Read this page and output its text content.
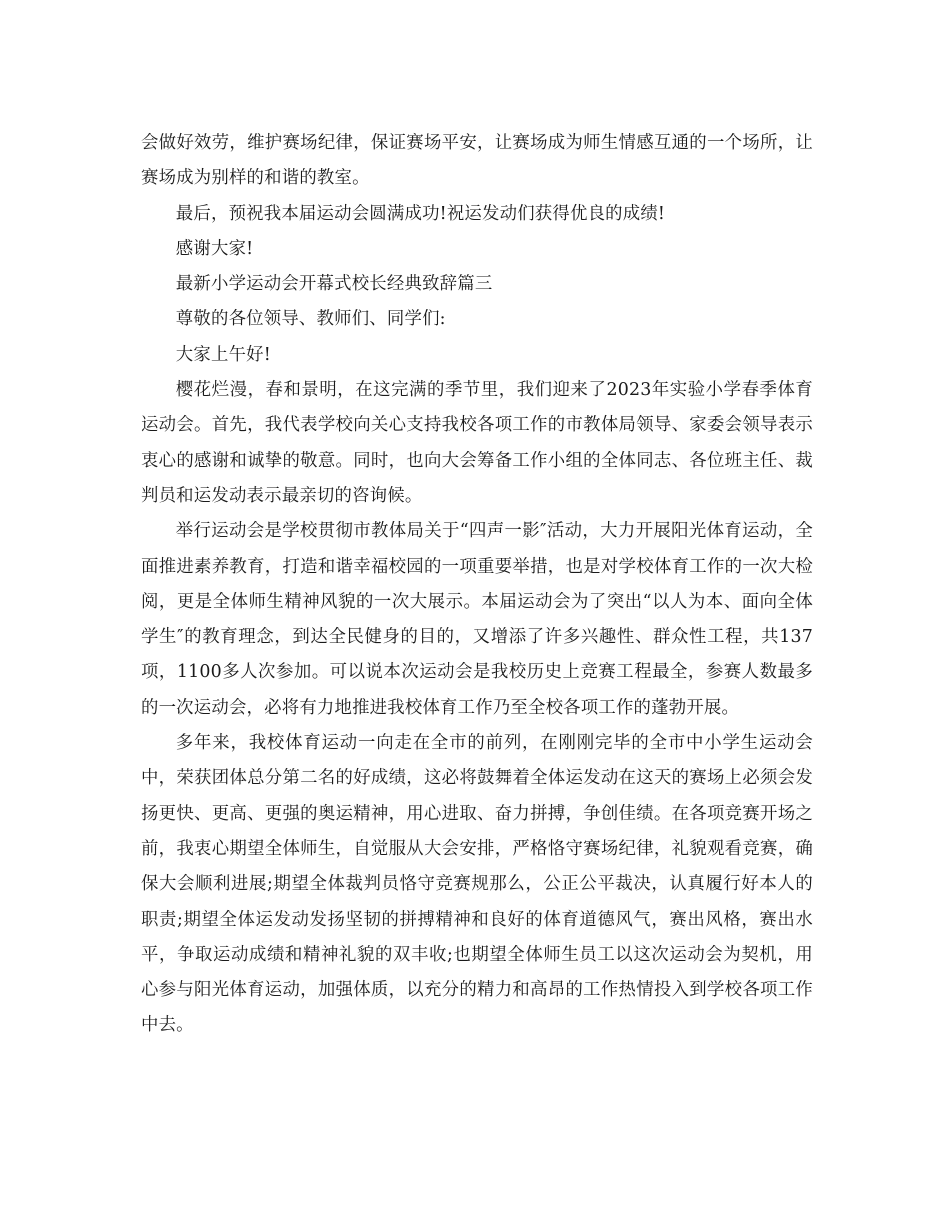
会做好效劳，维护赛场纪律，保证赛场平安，让赛场成为师生情感互通的一个场所，让赛场成为别样的和谐的教室。

最后，预祝我本届运动会圆满成功!祝运发动们获得优良的成绩!

感谢大家!

最新小学运动会开幕式校长经典致辞篇三

尊敬的各位领导、教师们、同学们:

大家上午好!

樱花烂漫，春和景明，在这完满的季节里，我们迎来了2023年实验小学春季体育运动会。首先，我代表学校向关心支持我校各项工作的市教体局领导、家委会领导表示衷心的感谢和诚挚的敬意。同时，也向大会筹备工作小组的全体同志、各位班主任、裁判员和运发动表示最亲切的咨询候。

举行运动会是学校贯彻市教体局关于“四声一影″活动，大力开展阳光体育运动，全面推进素养教育，打造和谐幸福校园的一项重要举措，也是对学校体育工作的一次大检阅，更是全体师生精神风貌的一次大展示。本届运动会为了突出“以人为本、面向全体学生″的教育理念，到达全民健身的目的，又增添了许多兴趣性、群众性工程，共137项，1100多人次参加。可以说本次运动会是我校历史上竞赛工程最全，参赛人数最多的一次运动会，必将有力地推进我校体育工作乃至全校各项工作的蓬勃开展。

多年来，我校体育运动一向走在全市的前列，在刚刚完毕的全市中小学生运动会中，荣获团体总分第二名的好成绩，这必将鼓舞着全体运发动在这天的赛场上必须会发扬更快、更高、更强的奥运精神，用心进取、奋力拼搏，争创佳绩。在各项竞赛开场之前，我衷心期望全体师生，自觉服从大会安排，严格恪守赛场纪律，礼貌观看竞赛，确保大会顺利进展;期望全体裁判员恪守竞赛规那么，公正公平裁决，认真履行好本人的职责;期望全体运发动发扬坚韧的拼搏精神和良好的体育道德风气，赛出风格，赛出水平，争取运动成绩和精神礼貌的双丰收;也期望全体师生员工以这次运动会为契机，用心参与阳光体育运动，加强体质，以充分的精力和高昂的工作热情投入到学校各项工作中去。
